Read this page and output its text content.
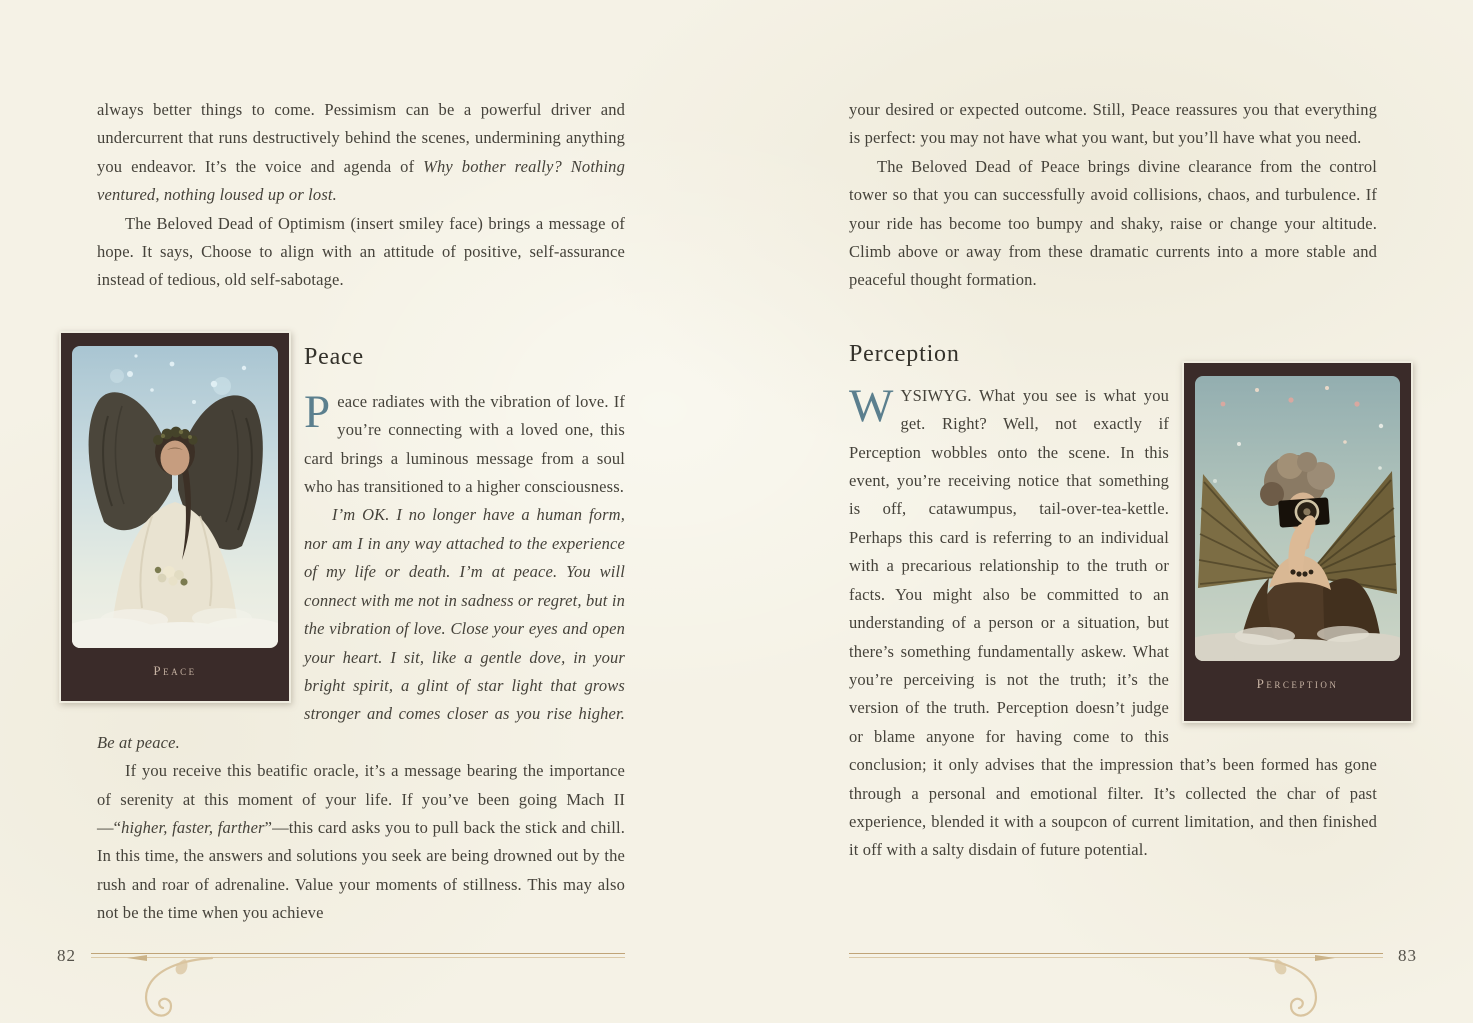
always better things to come. Pessimism can be a powerful driver and undercurrent that runs destructively behind the scenes, undermining anything you endeavor. It’s the voice and agenda of Why bother really? Nothing ventured, nothing loused up or lost.

The Beloved Dead of Optimism (insert smiley face) brings a message of hope. It says, Choose to align with an attitude of positive, self-assurance instead of tedious, old self-sabotage.

Peace
Peace

Peace radiates with the vibration of love. If you’re connecting with a loved one, this card brings a luminous message from a soul who has transitioned to a higher consciousness.

I’m OK. I no longer have a human form, nor am I in any way attached to the experience of my life or death. I’m at peace. You will connect with me not in sadness or regret, but in the vibration of love. Close your eyes and open your heart. I sit, like a gentle dove, in your bright spirit, a glint of star light that grows stronger and comes closer as you rise higher. Be at peace.

If you receive this beatific oracle, it’s a message bearing the importance of serenity at this moment of your life. If you’ve been going Mach II—“higher, faster, farther”—this card asks you to pull back the stick and chill. In this time, the answers and solutions you seek are being drowned out by the rush and roar of adrenaline. Value your moments of stillness. This may also not be the time when you achieve

your desired or expected outcome. Still, Peace reassures you that everything is perfect: you may not have what you want, but you’ll have what you need.

The Beloved Dead of Peace brings divine clearance from the control tower so that you can successfully avoid collisions, chaos, and turbulence. If your ride has become too bumpy and shaky, raise or change your altitude. Climb above or away from these dramatic currents into a more stable and peaceful thought formation.

Perception
Perception

WYSIWYG. What you see is what you get. Right? Well, not exactly if Perception wobbles onto the scene. In this event, you’re receiving notice that something is off, catawumpus, tail-over-tea-kettle. Perhaps this card is referring to an individual with a precarious relationship to the truth or facts. You might also be committed to an understanding of a person or a situation, but there’s something fundamentally askew. What you’re perceiving is not the truth; it’s the version of the truth. Perception doesn’t judge or blame anyone for having come to this conclusion; it only advises that the impression that’s been formed has gone through a personal and emotional filter. It’s collected the char of past experience, blended it with a soupcon of current limitation, and then finished it off with a salty disdain of future potential.

82	83
